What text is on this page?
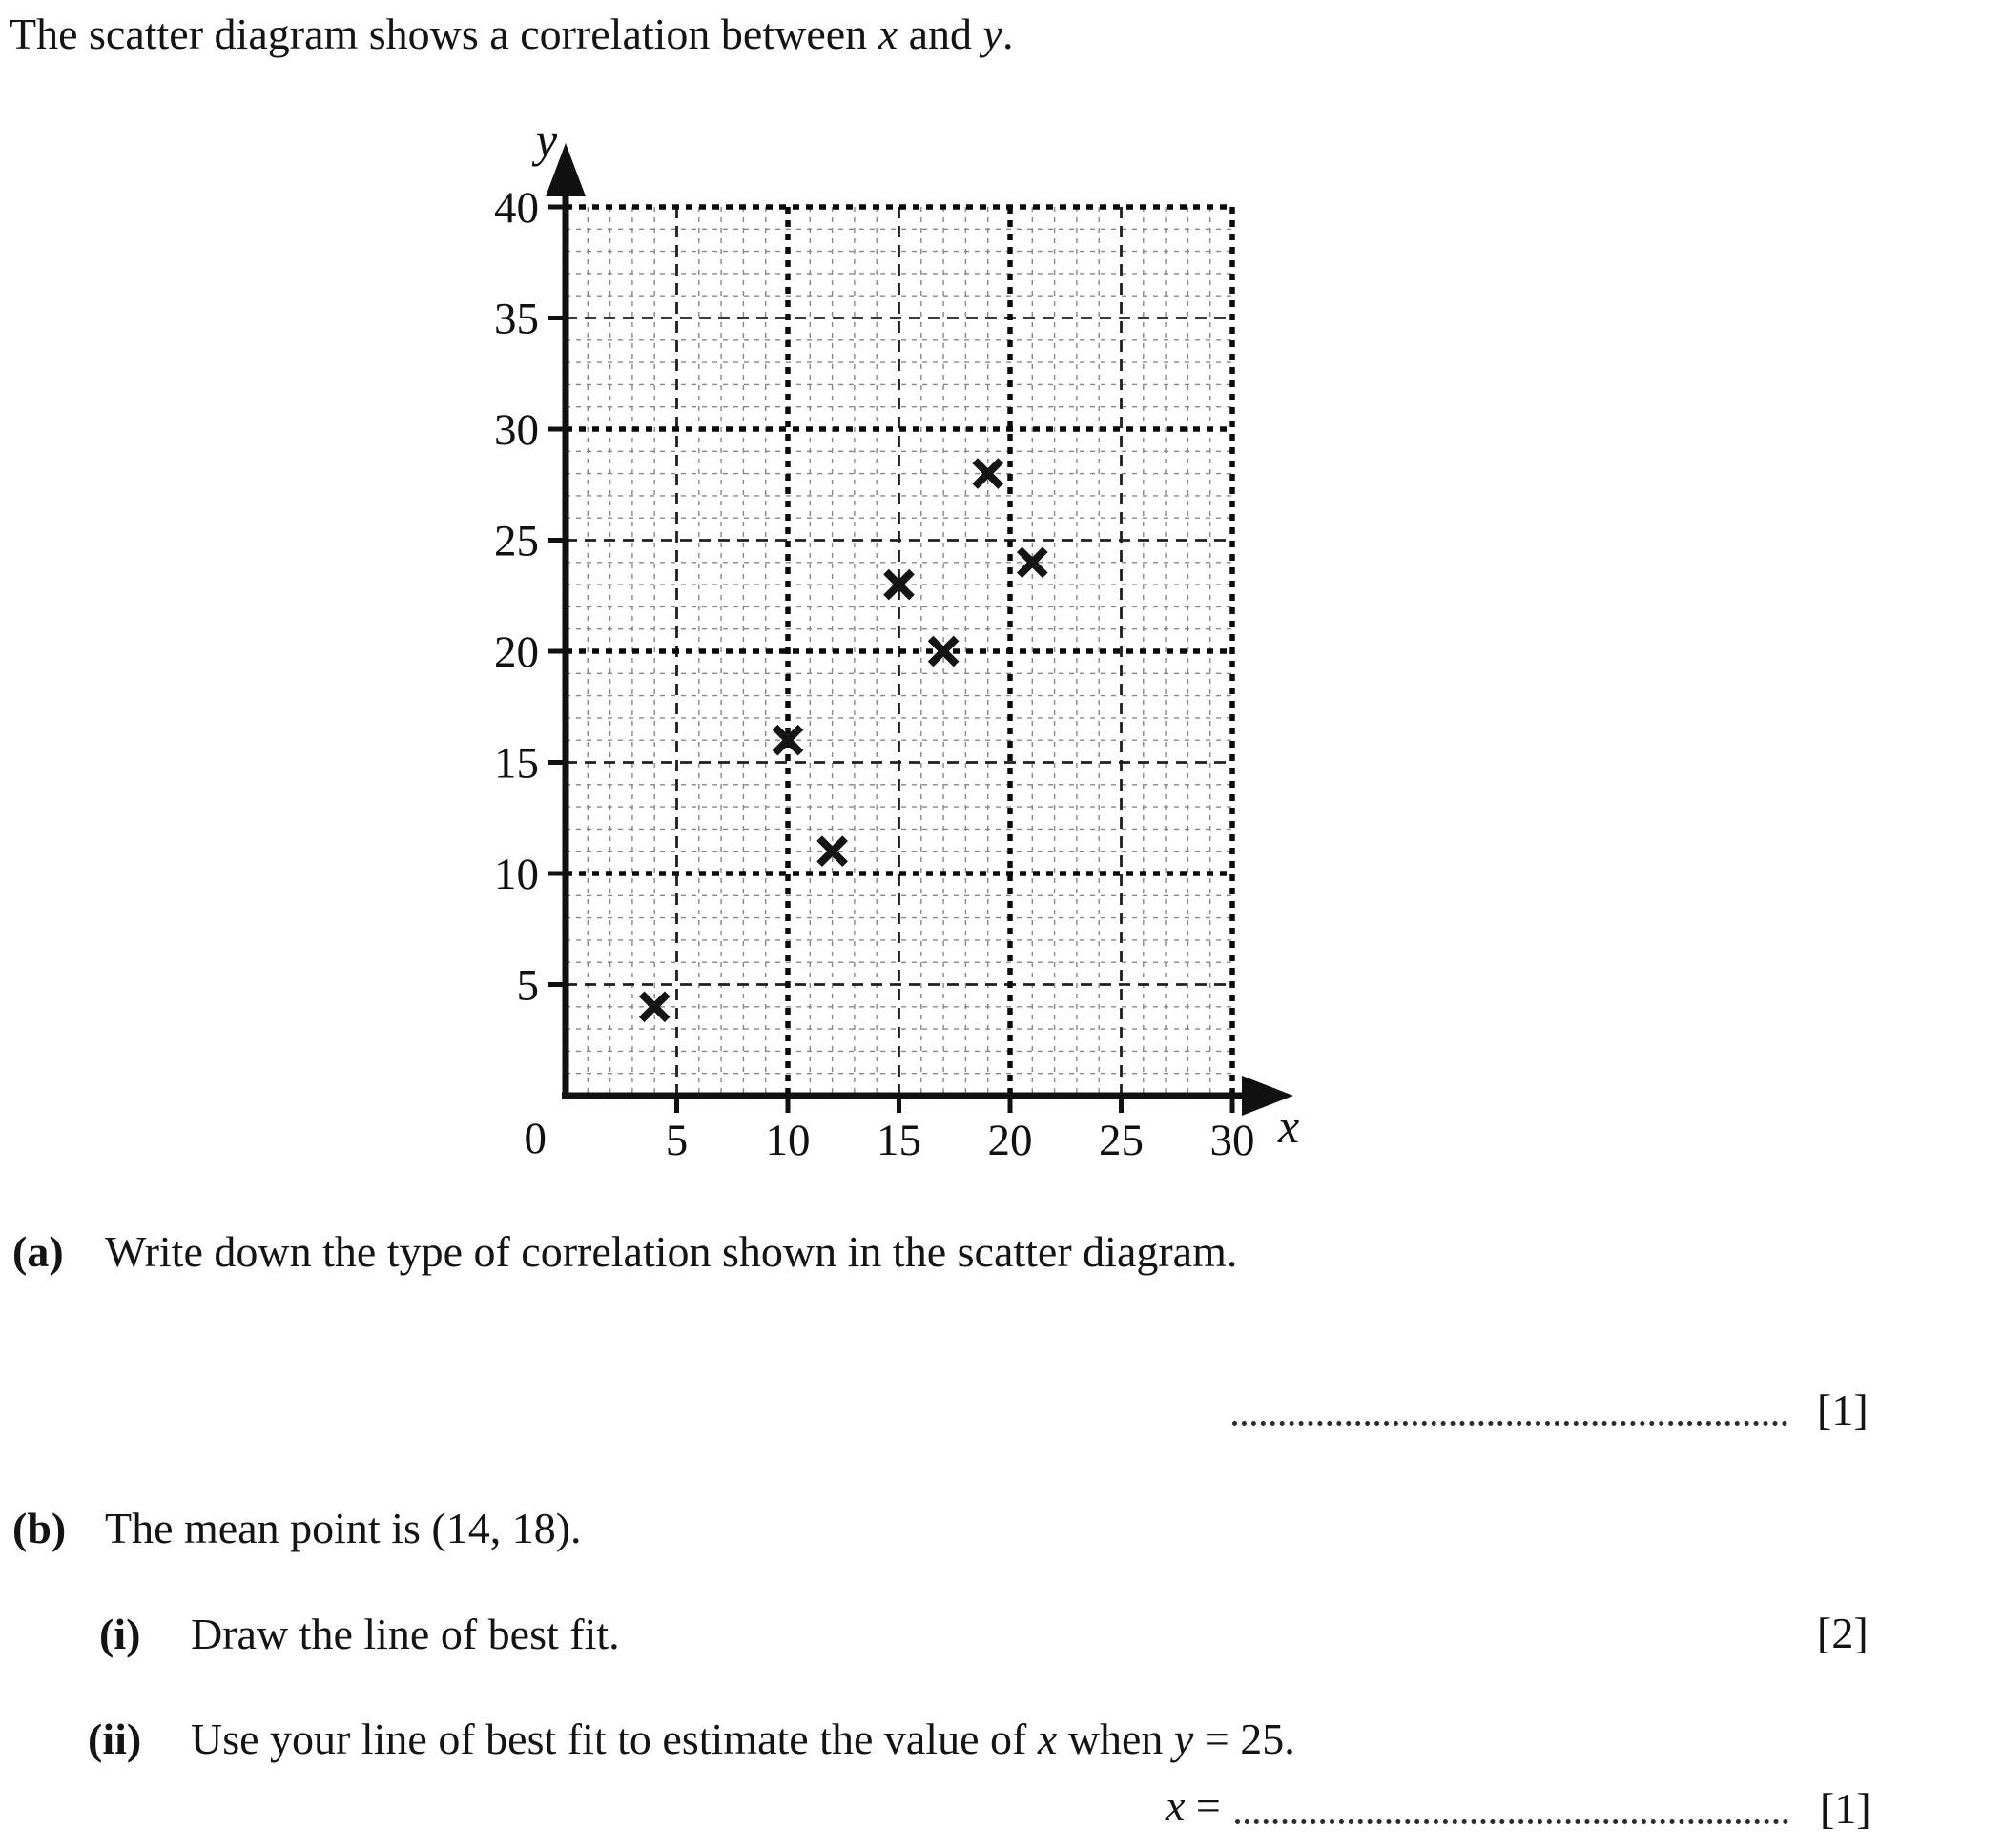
The scatter diagram shows a correlation between x and y.
5 10 15 20 25 30
5
10
15
20
25
30
35
40
0
y
x
(a) Write down the type of correlation shown in the scatter diagram.
[1]
(b) The mean point is (14, 18).
(i) Draw the line of best fit.	[2]
(ii) Use your line of best fit to estimate the value of x when y = 25.
x =	[1]
